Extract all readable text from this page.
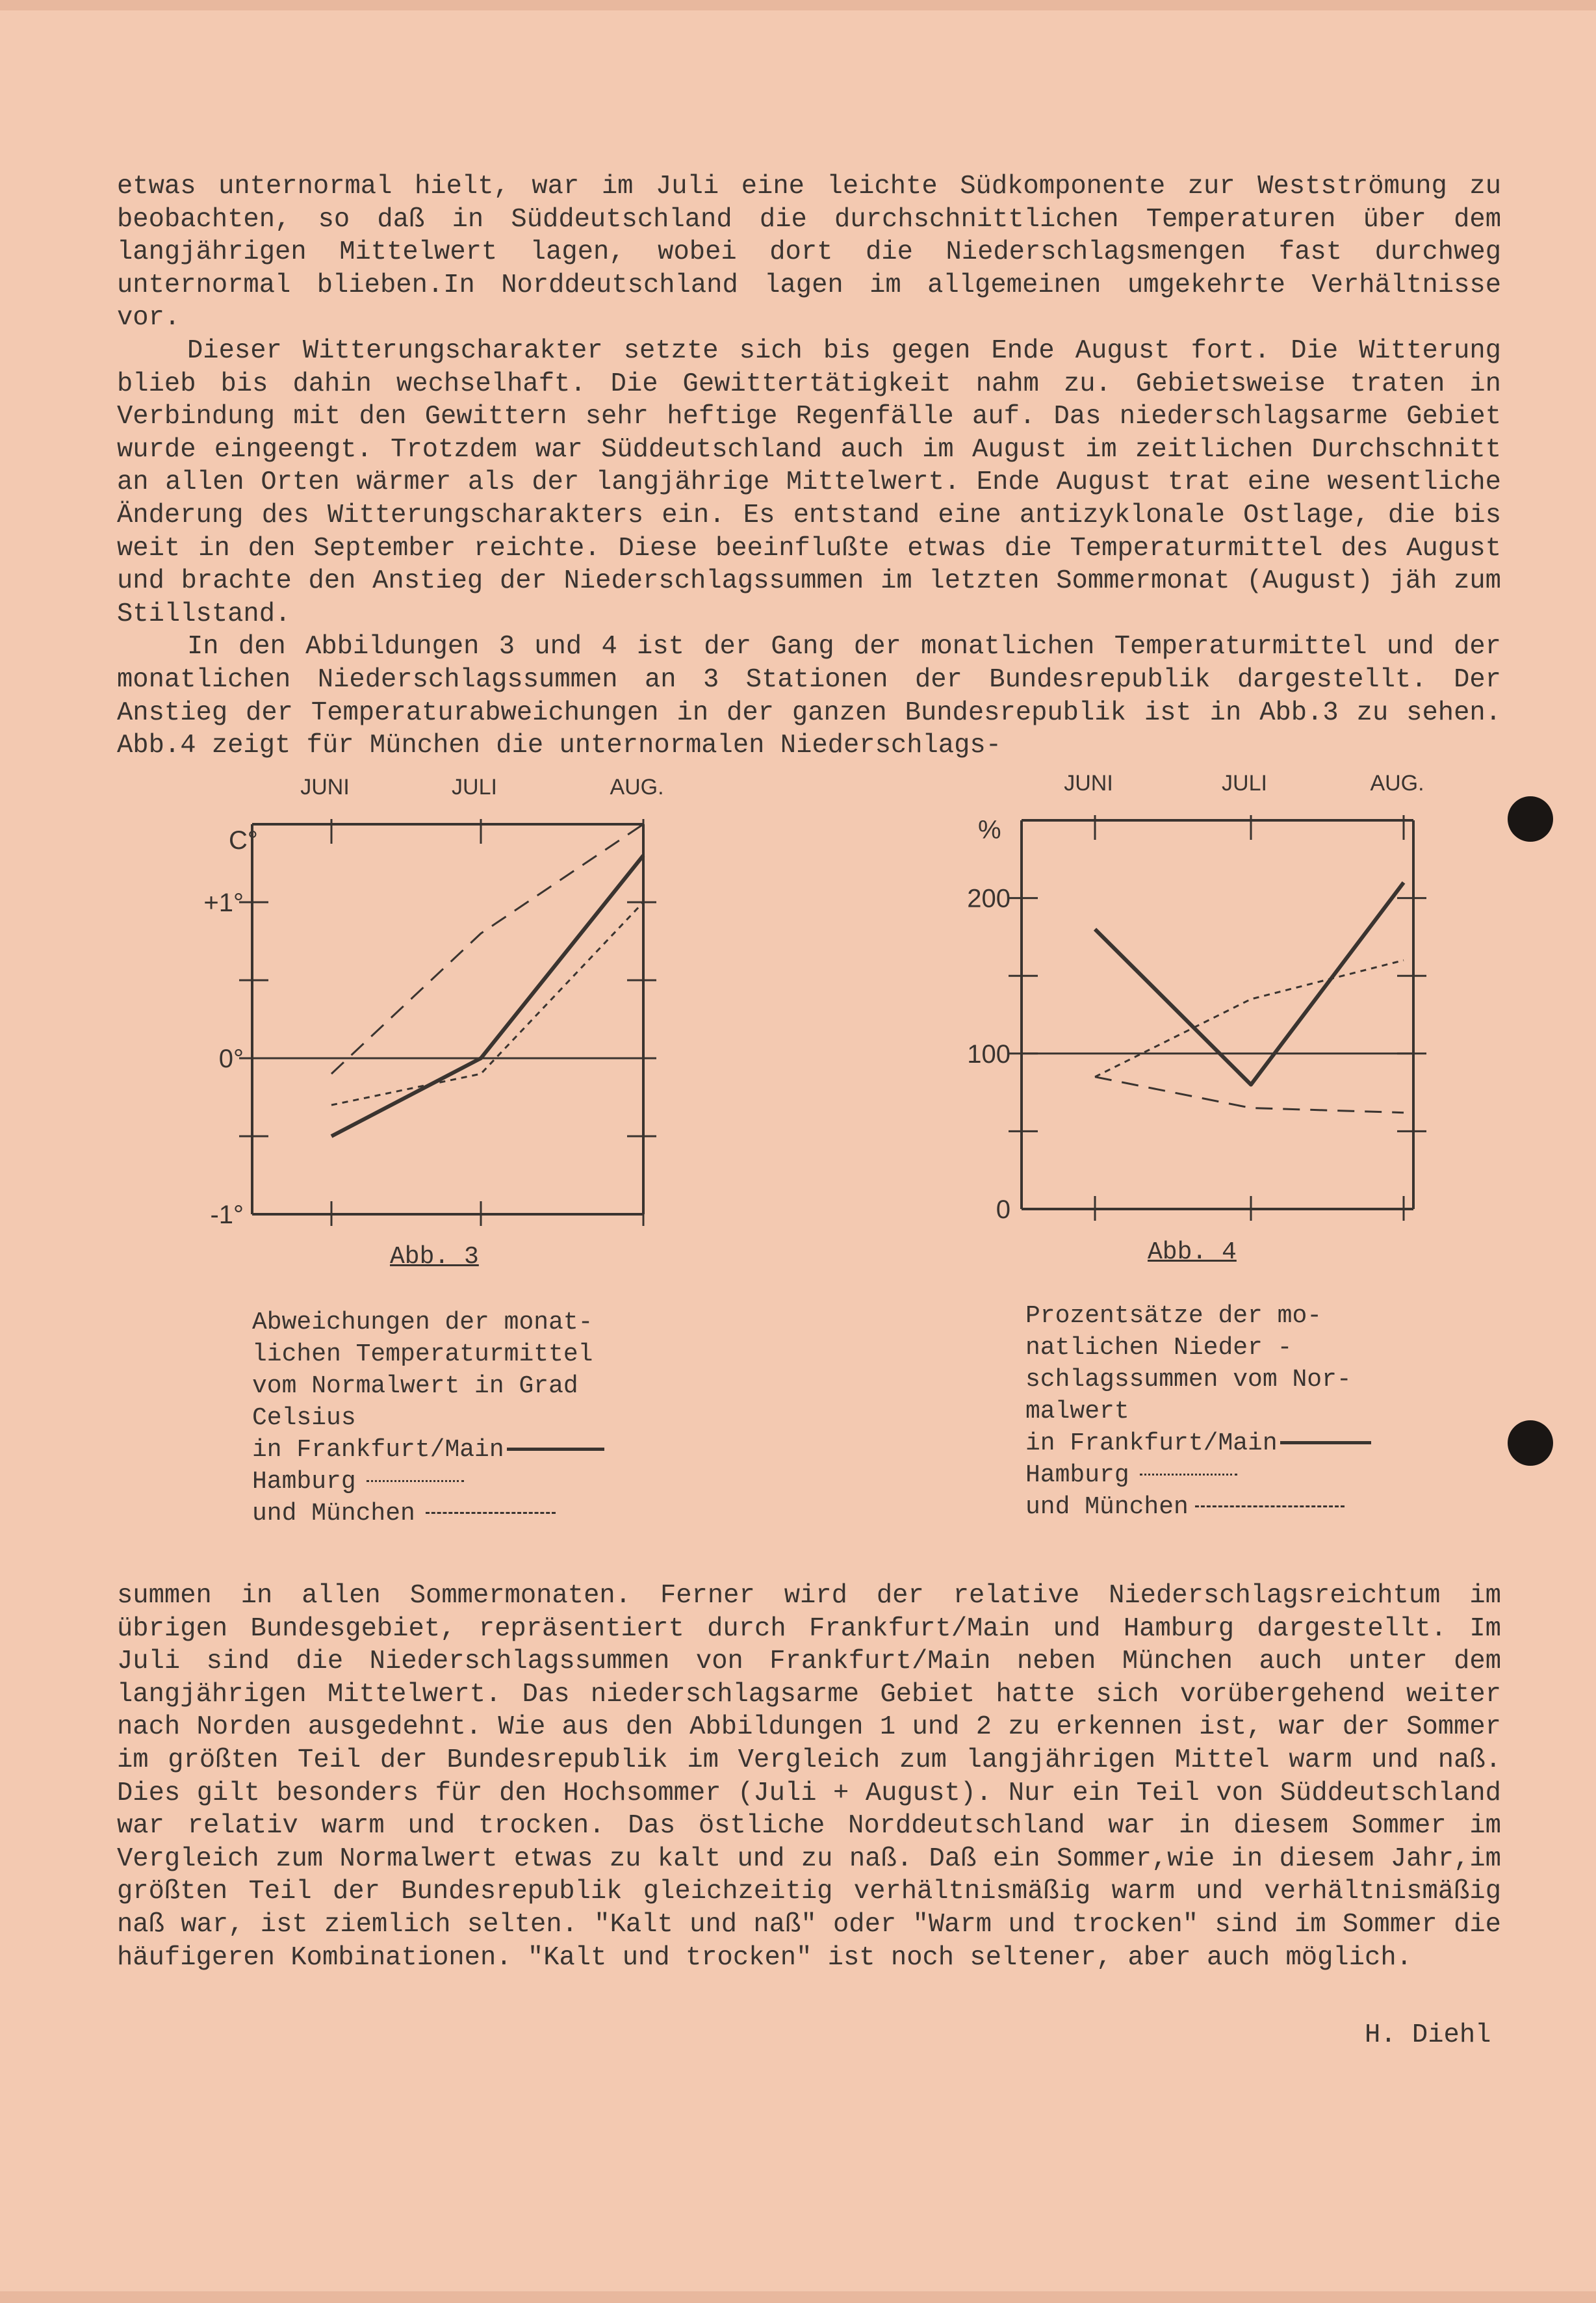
etwas unternormal hielt, war im Juli eine leichte Südkomponente zur Westströmung zu beobachten, so daß in Süddeutschland die durchschnittlichen Temperaturen über dem langjährigen Mittelwert lagen, wobei dort die Niederschlagsmengen fast durchweg unternormal blieben.In Norddeutschland lagen im allgemeinen umgekehrte Verhältnisse vor.

Dieser Witterungscharakter setzte sich bis gegen Ende August fort. Die Witterung blieb bis dahin wechselhaft. Die Gewittertätigkeit nahm zu. Gebietsweise traten in Verbindung mit den Gewittern sehr heftige Regenfälle auf. Das niederschlagsarme Gebiet wurde eingeengt. Trotzdem war Süddeutschland auch im August im zeitlichen Durchschnitt an allen Orten wärmer als der langjährige Mittelwert. Ende August trat eine wesentliche Änderung des Witterungscharakters ein. Es entstand eine antizyklonale Ostlage, die bis weit in den September reichte. Diese beeinflußte etwas die Temperaturmittel des August und brachte den Anstieg der Niederschlagssummen im letzten Sommermonat (August) jäh zum Stillstand.

In den Abbildungen 3 und 4 ist der Gang der monatlichen Temperaturmittel und der monatlichen Niederschlagssummen an 3 Stationen der Bundesrepublik dargestellt. Der Anstieg der Temperaturabweichungen in der ganzen Bundesrepublik ist in Abb.3 zu sehen. Abb.4 zeigt für München die unternormalen Niederschlags-

JUNI	JULI	AUG.
C°
+1°
0°
-1°
JUNI	JULI	AUG.
%
200
100
0
Abb. 3	Abb. 4
Abweichungen der monat-
lichen Temperaturmittel
vom Normalwert in Grad
Celsius
in Frankfurt/Main
Hamburg
und München
Prozentsätze der mo-
natlichen Nieder -
schlagssummen vom Nor-
malwert
in Frankfurt/Main
Hamburg
und München

summen in allen Sommermonaten. Ferner wird der relative Niederschlagsreichtum im übrigen Bundesgebiet, repräsentiert durch Frankfurt/Main und Hamburg dargestellt. Im Juli sind die Niederschlagssummen von Frankfurt/Main neben München auch unter dem langjährigen Mittelwert. Das niederschlagsarme Gebiet hatte sich vorübergehend weiter nach Norden ausgedehnt. Wie aus den Abbildungen 1 und 2 zu erkennen ist, war der Sommer im größten Teil der Bundesrepublik im Vergleich zum langjährigen Mittel warm und naß. Dies gilt besonders für den Hochsommer (Juli + August). Nur ein Teil von Süddeutschland war relativ warm und trocken. Das östliche Norddeutschland war in diesem Sommer im Vergleich zum Normalwert etwas zu kalt und zu naß. Daß ein Sommer,wie in diesem Jahr,im größten Teil der Bundesrepublik gleichzeitig verhältnismäßig warm und verhältnismäßig naß war, ist ziemlich selten. "Kalt und naß" oder "Warm und trocken" sind im Sommer die häufigeren Kombinationen. "Kalt und trocken" ist noch seltener, aber auch möglich.

H. Diehl
